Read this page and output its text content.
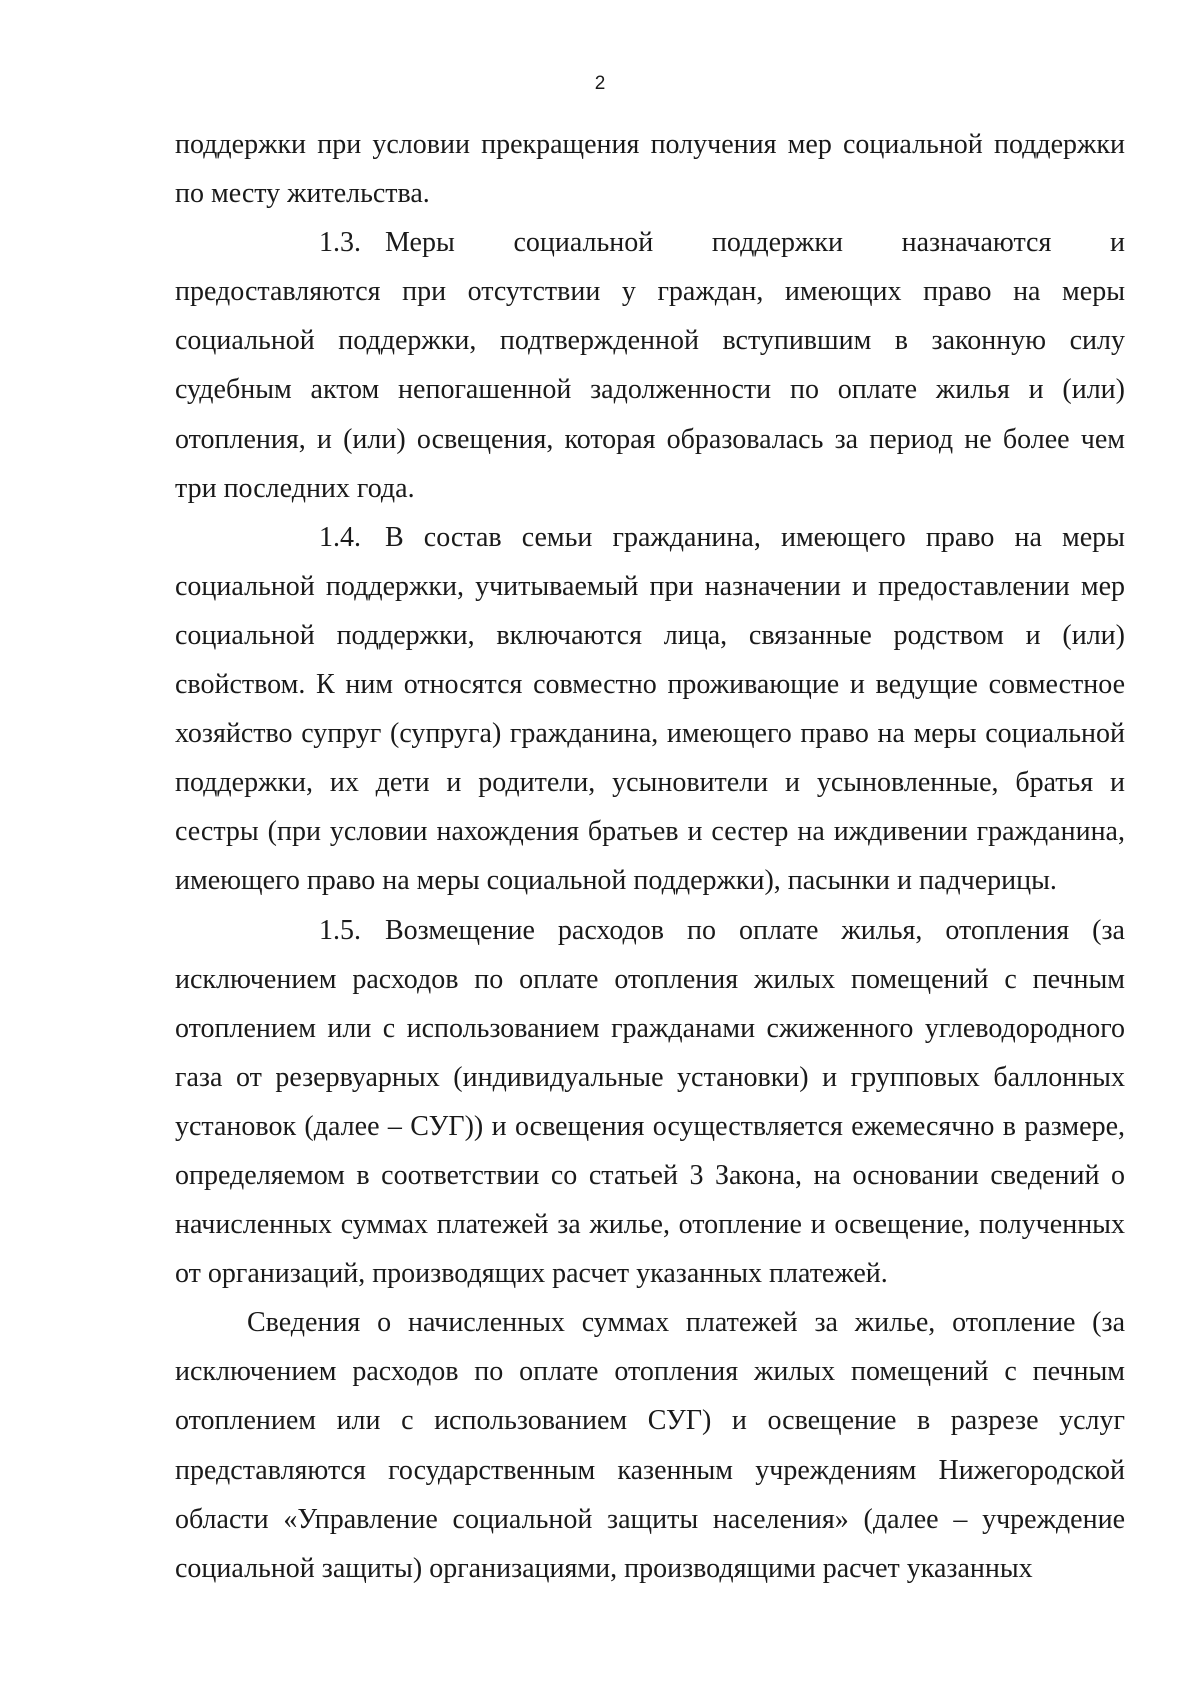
2

поддержки при условии прекращения получения мер социальной поддержки по месту жительства.

1.3. Меры социальной поддержки назначаются и предоставляются при отсутствии у граждан, имеющих право на меры социальной поддержки, подтвержденной вступившим в законную силу судебным актом непогашенной задолженности по оплате жилья и (или) отопления, и (или) освещения, которая образовалась за период не более чем три последних года.

1.4. В состав семьи гражданина, имеющего право на меры социальной поддержки, учитываемый при назначении и предоставлении мер социальной поддержки, включаются лица, связанные родством и (или) свойством. К ним относятся совместно проживающие и ведущие совместное хозяйство супруг (супруга) гражданина, имеющего право на меры социальной поддержки, их дети и родители, усыновители и усыновленные, братья и сестры (при условии нахождения братьев и сестер на иждивении гражданина, имеющего право на меры социальной поддержки), пасынки и падчерицы.

1.5. Возмещение расходов по оплате жилья, отопления (за исключением расходов по оплате отопления жилых помещений с печным отоплением или с использованием гражданами сжиженного углеводородного газа от резервуарных (индивидуальные установки) и групповых баллонных установок (далее – СУГ)) и освещения осуществляется ежемесячно в размере, определяемом в соответствии со статьей 3 Закона, на основании сведений о начисленных суммах платежей за жилье, отопление и освещение, полученных от организаций, производящих расчет указанных платежей.

Сведения о начисленных суммах платежей за жилье, отопление (за исключением расходов по оплате отопления жилых помещений с печным отоплением или с использованием СУГ) и освещение в разрезе услуг представляются государственным казенным учреждениям Нижегородской области «Управление социальной защиты населения» (далее – учреждение социальной защиты) организациями, производящими расчет указанных
